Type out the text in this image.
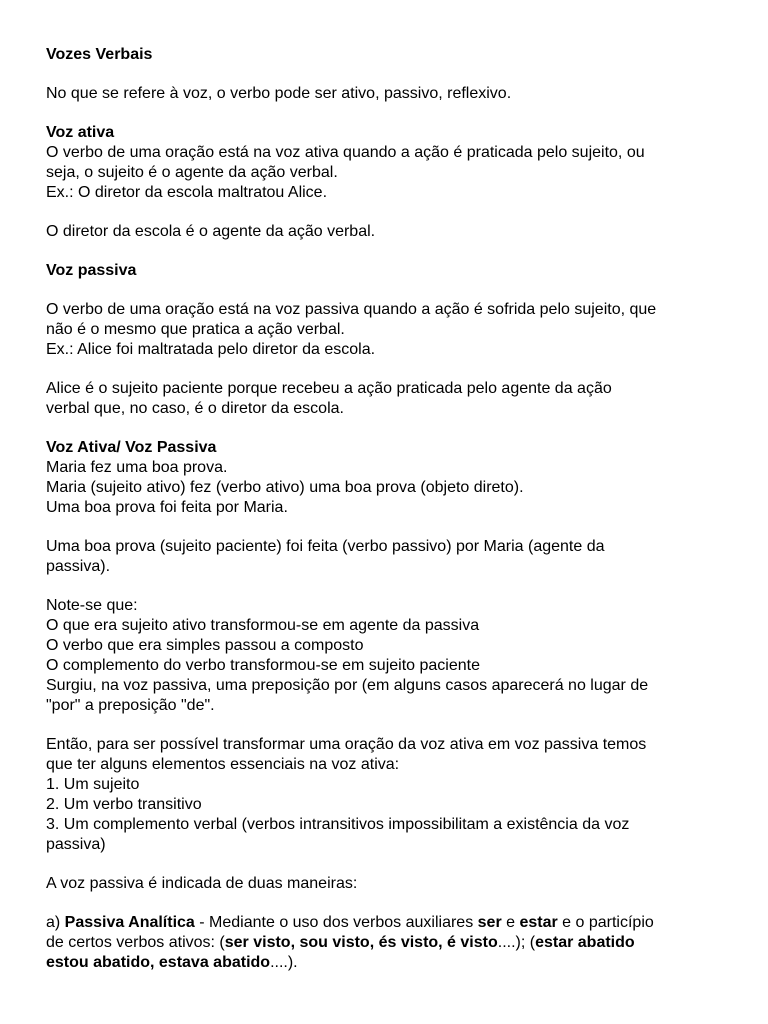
Vozes Verbais
No que se refere à voz, o verbo pode ser ativo, passivo, reflexivo.
Voz ativa
O verbo de uma oração está na voz ativa quando a ação é praticada pelo sujeito, ou
seja, o sujeito é o agente da ação verbal.
Ex.: O diretor da escola maltratou Alice.
O diretor da escola é o agente da ação verbal.
Voz passiva
O verbo de uma oração está na voz passiva quando a ação é sofrida pelo sujeito, que
não é o mesmo que pratica a ação verbal.
Ex.: Alice foi maltratada pelo diretor da escola.
Alice é o sujeito paciente porque recebeu a ação praticada pelo agente da ação
verbal que, no caso, é o diretor da escola.
Voz Ativa/ Voz Passiva
Maria fez uma boa prova.
Maria (sujeito ativo) fez (verbo ativo) uma boa prova (objeto direto).
Uma boa prova foi feita por Maria.
Uma boa prova (sujeito paciente) foi feita (verbo passivo) por Maria (agente da
passiva).
Note-se que:
O que era sujeito ativo transformou-se em agente da passiva
O verbo que era simples passou a composto
O complemento do verbo transformou-se em sujeito paciente
Surgiu, na voz passiva, uma preposição por (em alguns casos aparecerá no lugar de
"por" a preposição "de".
Então, para ser possível transformar uma oração da voz ativa em voz passiva temos
que ter alguns elementos essenciais na voz ativa:
1. Um sujeito
2. Um verbo transitivo
3. Um complemento verbal (verbos intransitivos impossibilitam a existência da voz
passiva)
A voz passiva é indicada de duas maneiras:
a) Passiva Analítica - Mediante o uso dos verbos auxiliares ser e estar e o particípio
de certos verbos ativos: (ser visto, sou visto, és visto, é visto....); (estar abatido
estou abatido, estava abatido....).
